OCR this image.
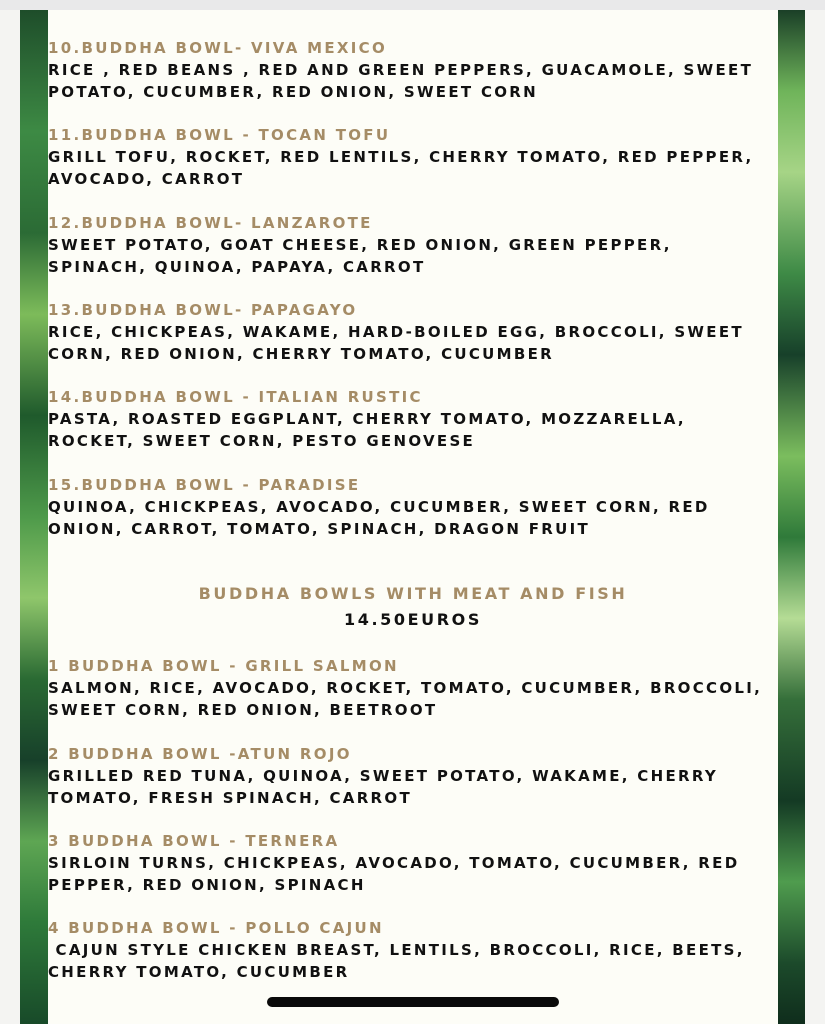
10.BUDDHA BOWL- VIVA MEXICO
RICE , RED BEANS , RED AND GREEN PEPPERS, GUACAMOLE, SWEET POTATO, CUCUMBER, RED ONION, SWEET CORN
11.BUDDHA BOWL - TOCAN TOFU
GRILL TOFU, ROCKET, RED LENTILS, CHERRY TOMATO, RED PEPPER, AVOCADO, CARROT
12.BUDDHA BOWL- LANZAROTE
SWEET POTATO, GOAT CHEESE, RED ONION, GREEN PEPPER, SPINACH, QUINOA, PAPAYA, CARROT
13.BUDDHA BOWL- PAPAGAYO
RICE, CHICKPEAS, WAKAME, HARD-BOILED EGG, BROCCOLI, SWEET CORN, RED ONION, CHERRY TOMATO, CUCUMBER
14.BUDDHA BOWL - ITALIAN RUSTIC
PASTA, ROASTED EGGPLANT, CHERRY TOMATO, MOZZARELLA, ROCKET, SWEET CORN, PESTO GENOVESE
15.BUDDHA BOWL - PARADISE
QUINOA, CHICKPEAS, AVOCADO, CUCUMBER, SWEET CORN, RED ONION, CARROT, TOMATO, SPINACH, DRAGON FRUIT
BUDDHA BOWLS WITH MEAT AND FISH
14.50EUROS
1 BUDDHA BOWL - GRILL SALMON
SALMON, RICE, AVOCADO, ROCKET, TOMATO, CUCUMBER, BROCCOLI, SWEET CORN, RED ONION, BEETROOT
2 BUDDHA BOWL -ATUN ROJO
GRILLED RED TUNA, QUINOA, SWEET POTATO, WAKAME, CHERRY TOMATO, FRESH SPINACH, CARROT
3 BUDDHA BOWL - TERNERA
SIRLOIN TURNS, CHICKPEAS, AVOCADO, TOMATO, CUCUMBER, RED PEPPER, RED ONION, SPINACH
4 BUDDHA BOWL - POLLO CAJUN
CAJUN STYLE CHICKEN BREAST, LENTILS, BROCCOLI, RICE, BEETS, CHERRY TOMATO, CUCUMBER
